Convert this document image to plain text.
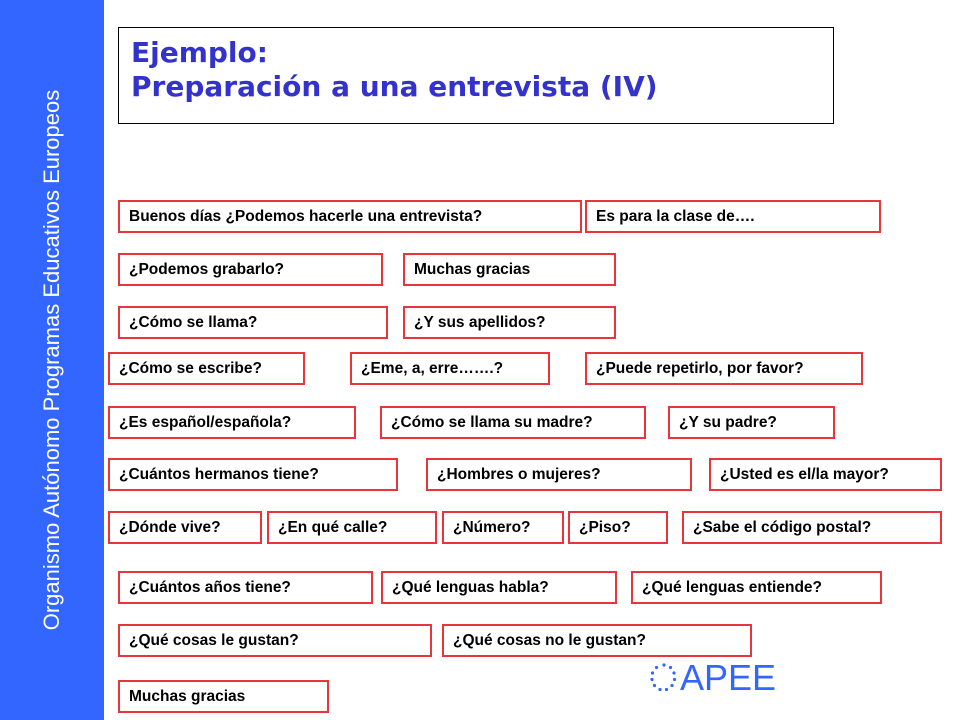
Organismo Autónomo Programas Educativos Europeos
Ejemplo:
Preparación a una entrevista (IV)
Buenos días ¿Podemos hacerle una entrevista?	Es para la clase de….
¿Podemos grabarlo?	Muchas gracias
¿Cómo se llama?	¿Y sus apellidos?
¿Cómo se escribe?	¿Eme, a, erre…….?	¿Puede repetirlo, por favor?
¿Es español/española?	¿Cómo se llama su madre?	¿Y su padre?
¿Cuántos hermanos tiene?	¿Hombres o mujeres?	¿Usted es el/la mayor?
¿Dónde vive?	¿En qué calle?	¿Número?	¿Piso?	¿Sabe el código postal?
¿Cuántos años tiene?	¿Qué lenguas habla?	¿Qué lenguas entiende?
¿Qué cosas le gustan?	¿Qué cosas no le gustan?
Muchas gracias	APEE
